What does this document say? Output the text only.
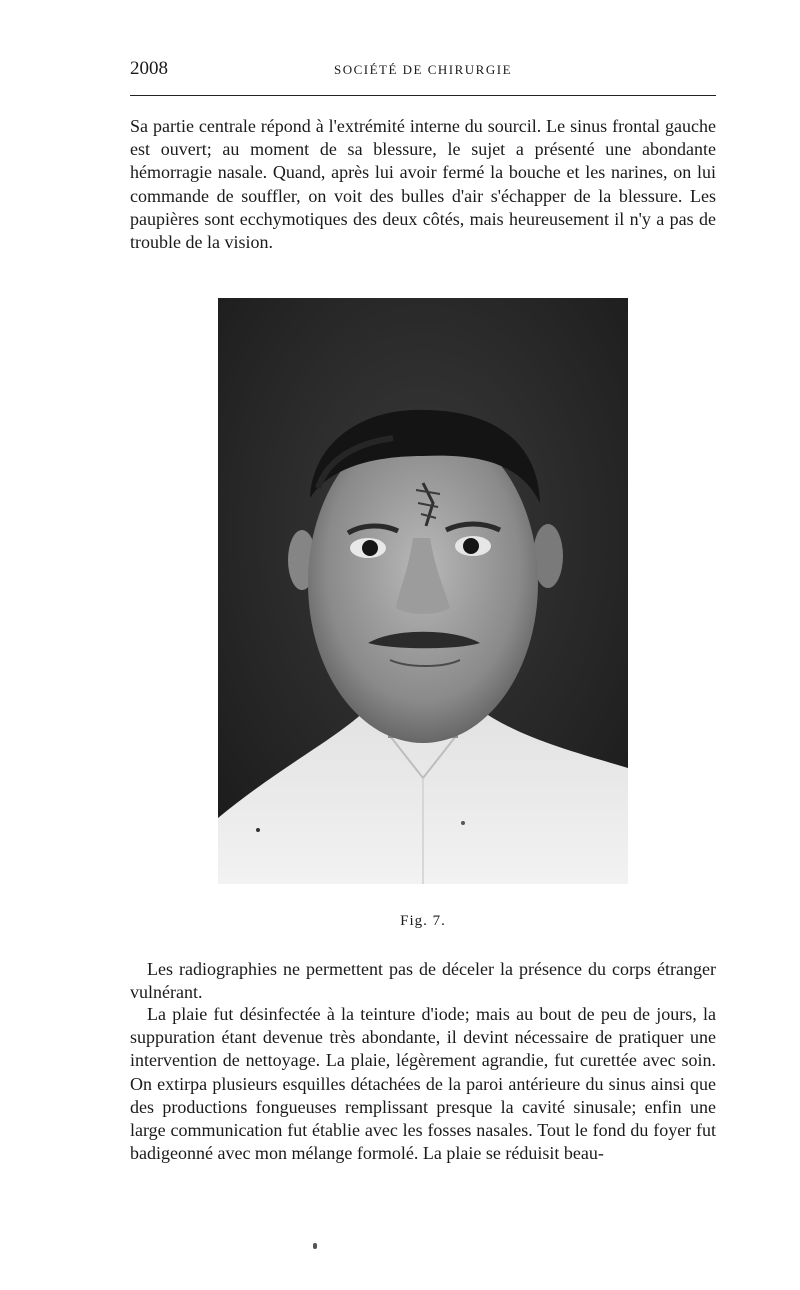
2008	SOCIÉTÉ DE CHIRURGIE

Sa partie centrale répond à l'extrémité interne du sourcil. Le sinus frontal gauche est ouvert; au moment de sa blessure, le sujet a présenté une abondante hémorragie nasale. Quand, après lui avoir fermé la bouche et les narines, on lui commande de souffler, on voit des bulles d'air s'échapper de la blessure. Les paupières sont ecchymotiques des deux côtés, mais heureusement il n'y a pas de trouble de la vision.

Fig. 7.

Les radiographies ne permettent pas de déceler la présence du corps étranger vulnérant.

La plaie fut désinfectée à la teinture d'iode; mais au bout de peu de jours, la suppuration étant devenue très abondante, il devint nécessaire de pratiquer une intervention de nettoyage. La plaie, légèrement agrandie, fut curettée avec soin. On extirpa plusieurs esquilles détachées de la paroi antérieure du sinus ainsi que des productions fongueuses remplissant presque la cavité sinusale; enfin une large communication fut établie avec les fosses nasales. Tout le fond du foyer fut badigeonné avec mon mélange formolé. La plaie se réduisit beau-
